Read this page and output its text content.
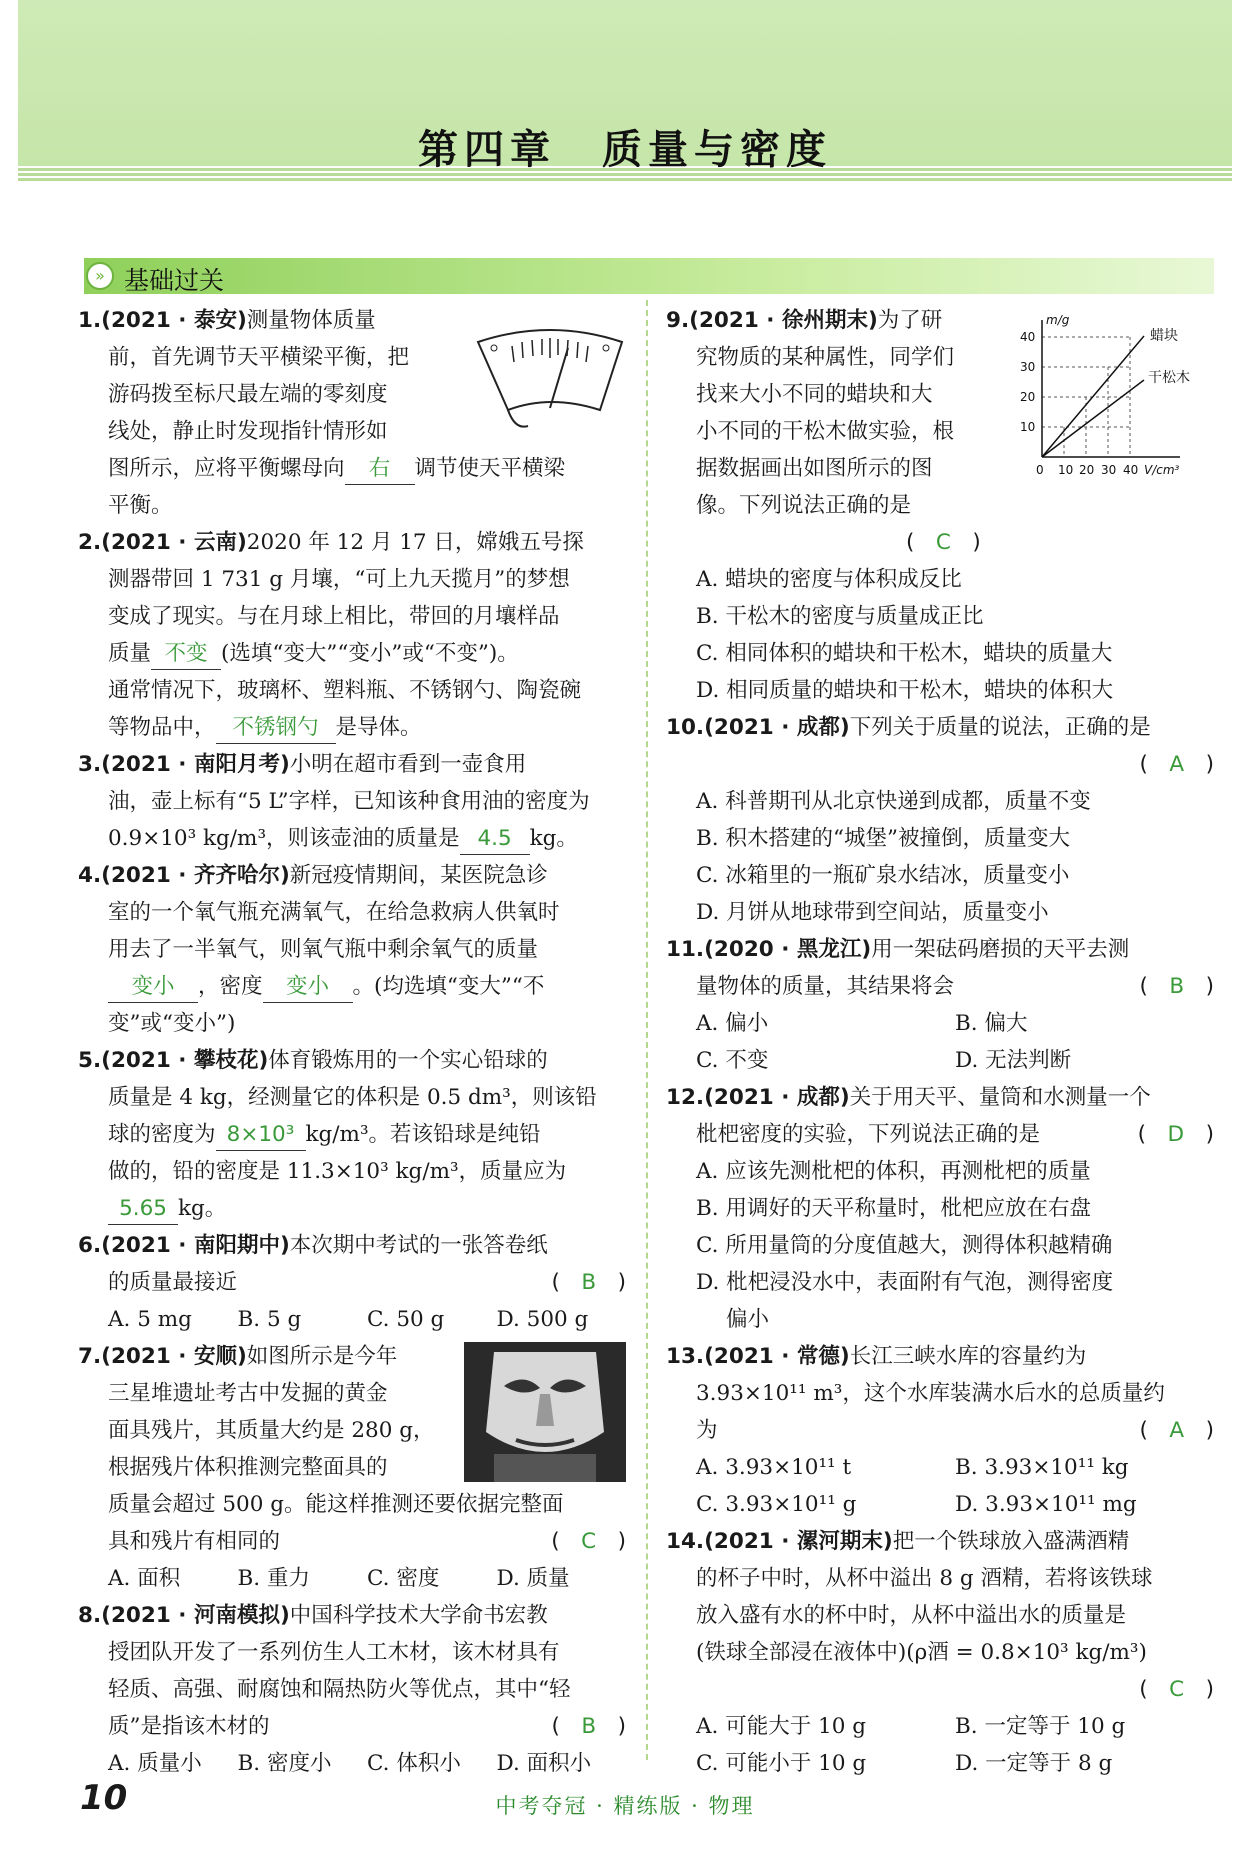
第四章　质量与密度
» 基础过关
m/g
40
30
20
10
0 10 20 30 40 V/cm³
蜡块
干松木
1.(2021 · 泰安)测量物体质量
前，首先调节天平横梁平衡，把
游码拨至标尺最左端的零刻度
线处，静止时发现指针情形如
图所示，应将平衡螺母向 右 调节使天平横梁
平衡。
2.(2021 · 云南)2020 年 12 月 17 日，嫦娥五号探
测器带回 1 731 g 月壤，“可上九天揽月”的梦想
变成了现实。与在月球上相比，带回的月壤样品
质量 不变 (选填“变大”“变小”或“不变”)。
通常情况下，玻璃杯、塑料瓶、不锈钢勺、陶瓷碗
等物品中， 不锈钢勺 是导体。
3.(2021 · 南阳月考)小明在超市看到一壶食用
油，壶上标有“5 L”字样，已知该种食用油的密度为
0.9×10³ kg/m³，则该壶油的质量是 4.5 kg。
4.(2021 · 齐齐哈尔)新冠疫情期间，某医院急诊
室的一个氧气瓶充满氧气，在给急救病人供氧时
用去了一半氧气，则氧气瓶中剩余氧气的质量
变小 ，密度 变小 。(均选填“变大”“不
变”或“变小”)
5.(2021 · 攀枝花)体育锻炼用的一个实心铅球的
质量是 4 kg，经测量它的体积是 0.5 dm³，则该铅
球的密度为 8×10³ kg/m³。若该铅球是纯铅
做的，铅的密度是 11.3×10³ kg/m³，质量应为
5.65 kg。
6.(2021 · 南阳期中)本次期中考试的一张答卷纸
的质量最接近	(　B　)
A. 5 mg	B. 5 g	C. 50 g	D. 500 g
7.(2021 · 安顺)如图所示是今年
三星堆遗址考古中发掘的黄金
面具残片，其质量大约是 280 g，
根据残片体积推测完整面具的
质量会超过 500 g。能这样推测还要依据完整面
具和残片有相同的	(　C　)
A. 面积	B. 重力	C. 密度	D. 质量
8.(2021 · 河南模拟)中国科学技术大学俞书宏教
授团队开发了一系列仿生人工木材，该木材具有
轻质、高强、耐腐蚀和隔热防火等优点，其中“轻
质”是指该木材的	(　B　)
A. 质量小	B. 密度小	C. 体积小	D. 面积小
9.(2021 · 徐州期末)为了研
究物质的某种属性，同学们
找来大小不同的蜡块和大
小不同的干松木做实验，根
据数据画出如图所示的图
像。下列说法正确的是
(　C　)
A. 蜡块的密度与体积成反比
B. 干松木的密度与质量成正比
C. 相同体积的蜡块和干松木，蜡块的质量大
D. 相同质量的蜡块和干松木，蜡块的体积大
10.(2021 · 成都)下列关于质量的说法，正确的是
(　A　)

A. 科普期刊从北京快递到成都，质量不变
B. 积木搭建的“城堡”被撞倒，质量变大
C. 冰箱里的一瓶矿泉水结冰，质量变小
D. 月饼从地球带到空间站，质量变小
11.(2020 · 黑龙江)用一架砝码磨损的天平去测
量物体的质量，其结果将会	(　B　)
A. 偏小	B. 偏大
C. 不变	D. 无法判断
12.(2021 · 成都)关于用天平、量筒和水测量一个
枇杷密度的实验，下列说法正确的是	(　D　)
A. 应该先测枇杷的体积，再测枇杷的质量
B. 用调好的天平称量时，枇杷应放在右盘
C. 所用量筒的分度值越大，测得体积越精确
D. 枇杷浸没水中，表面附有气泡，测得密度
偏小
13.(2021 · 常德)长江三峡水库的容量约为
3.93×10¹¹ m³，这个水库装满水后水的总质量约
为	(　A　)
A. 3.93×10¹¹ t	B. 3.93×10¹¹ kg
C. 3.93×10¹¹ g	D. 3.93×10¹¹ mg
14.(2021 · 漯河期末)把一个铁球放入盛满酒精
的杯子中时，从杯中溢出 8 g 酒精，若将该铁球
放入盛有水的杯中时，从杯中溢出水的质量是
(铁球全部浸在液体中)(ρ酒 = 0.8×10³ kg/m³)
(　C　)

A. 可能大于 10 g	B. 一定等于 10 g
C. 可能小于 10 g	D. 一定等于 8 g
10	中考夺冠 · 精练版 · 物理
